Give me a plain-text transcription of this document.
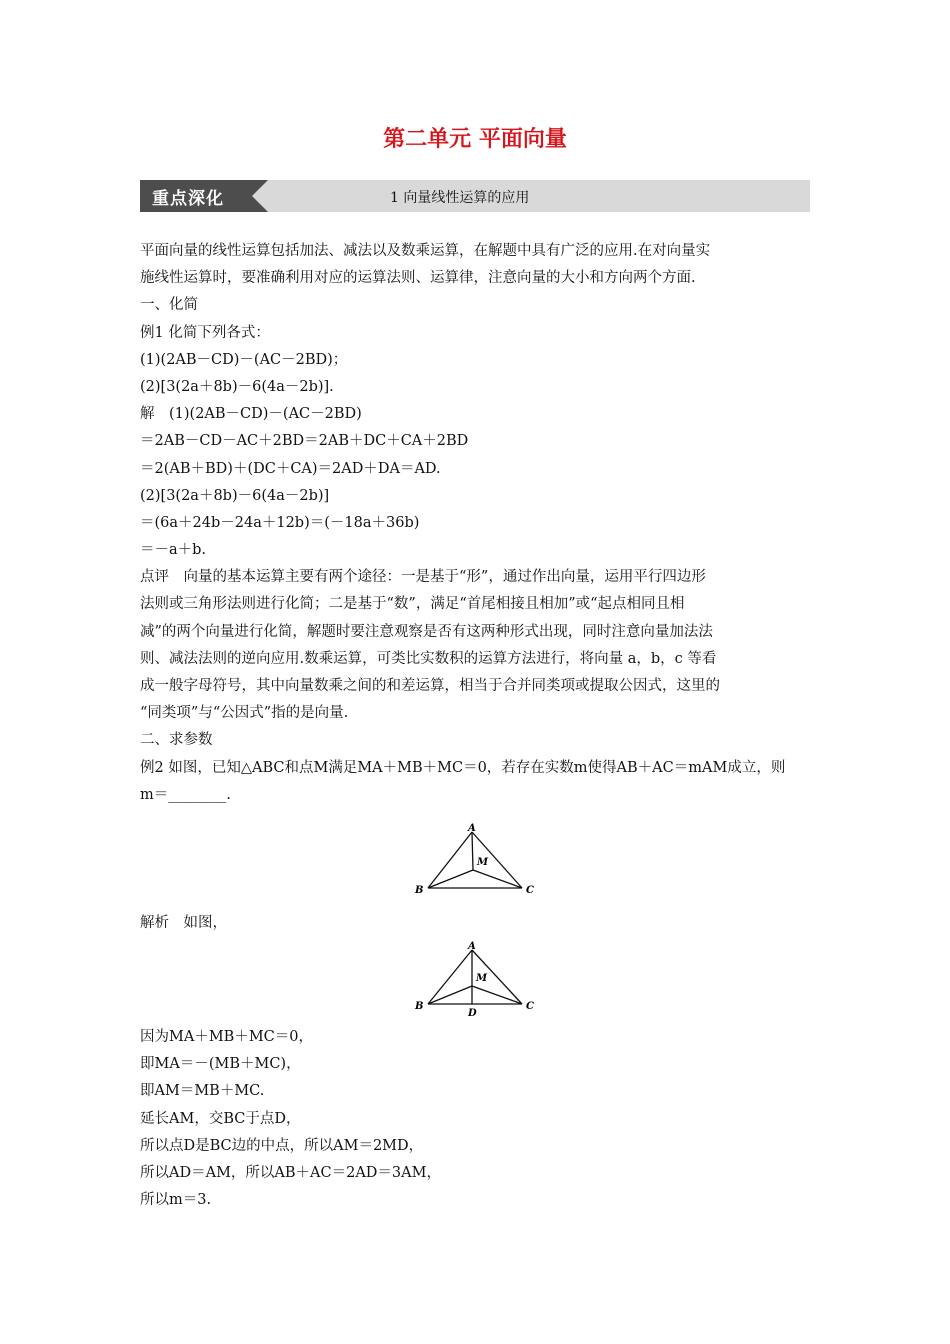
第二单元 平面向量
重点深化	1 向量线性运算的应用
平面向量的线性运算包括加法、减法以及数乘运算，在解题中具有广泛的应用.在对向量实
施线性运算时，要准确利用对应的运算法则、运算律，注意向量的大小和方向两个方面.
一、化简
例1 化简下列各式：
(1)(2AB－CD)－(AC－2BD)；
(2)[3(2a＋8b)－6(4a－2b)].
解　(1)(2AB－CD)－(AC－2BD)
＝2AB－CD－AC＋2BD＝2AB＋DC＋CA＋2BD
＝2(AB＋BD)＋(DC＋CA)＝2AD＋DA＝AD.
(2)[3(2a＋8b)－6(4a－2b)]
＝(6a＋24b－24a＋12b)＝(－18a＋36b)
＝－a＋b.
点评　向量的基本运算主要有两个途径：一是基于“形”，通过作出向量，运用平行四边形
法则或三角形法则进行化简；二是基于“数”，满足“首尾相接且相加”或“起点相同且相
减”的两个向量进行化简，解题时要注意观察是否有这两种形式出现，同时注意向量加法法
则、减法法则的逆向应用.数乘运算，可类比实数积的运算方法进行，将向量 a，b，c 等看
成一般字母符号，其中向量数乘之间的和差运算，相当于合并同类项或提取公因式，这里的
“同类项”与“公因式”指的是向量.
二、求参数
例2 如图，已知△ABC和点M满足MA＋MB＋MC＝0，若存在实数m使得AB＋AC＝mAM成立，则
m＝________.
A
M
B	C
解析　如图，
A
M
B
D
C
因为MA＋MB＋MC＝0，
即MA＝－(MB＋MC)，
即AM＝MB＋MC.
延长AM，交BC于点D，
所以点D是BC边的中点，所以AM＝2MD，
所以AD＝AM，所以AB＋AC＝2AD＝3AM，
所以m＝3.
